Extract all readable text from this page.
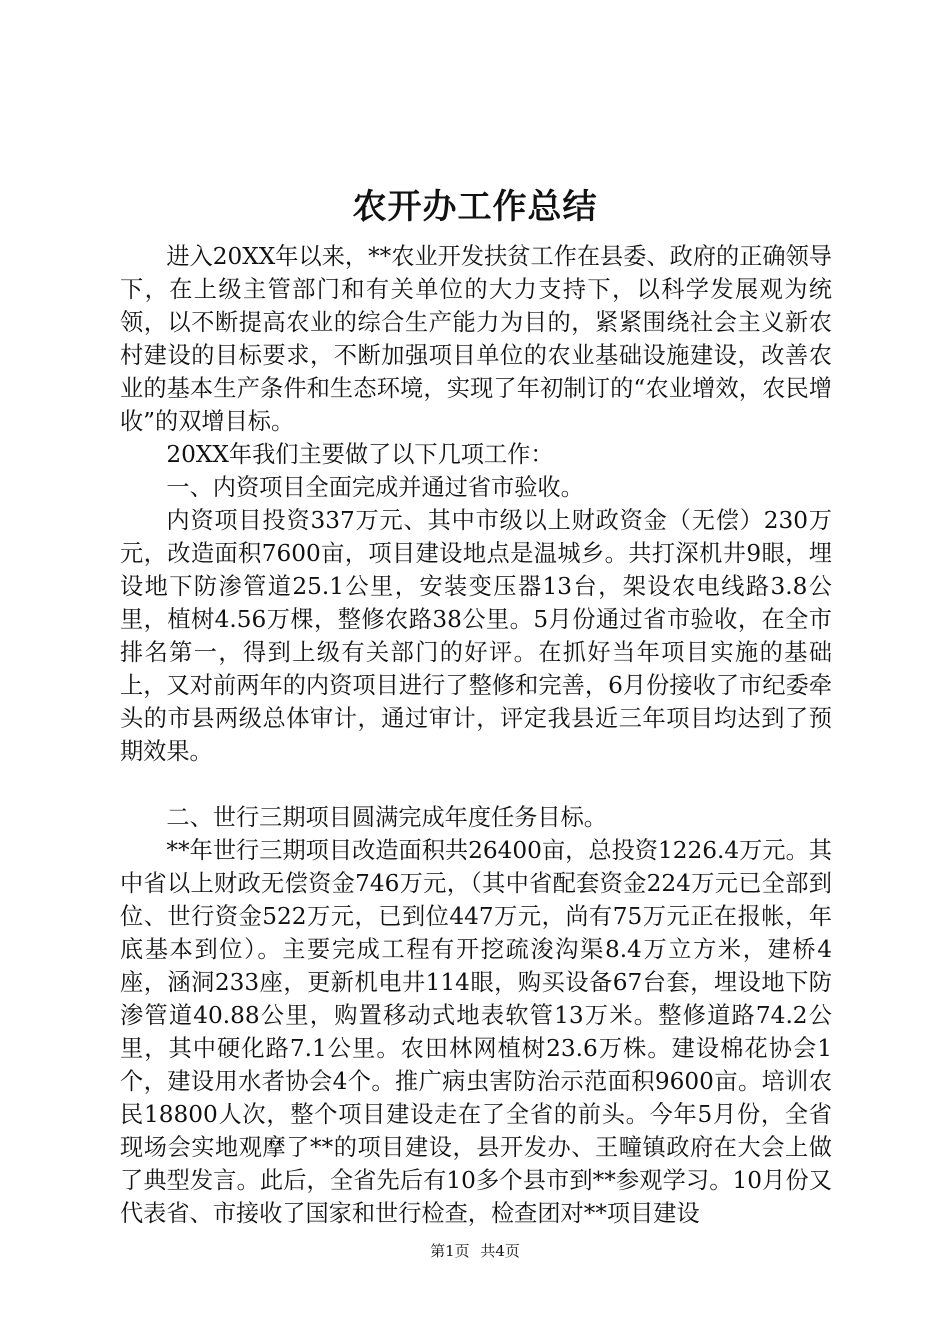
农开办工作总结

进入20XX年以来，**农业开发扶贫工作在县委、政府的正确领导下，在上级主管部门和有关单位的大力支持下，以科学发展观为统领，以不断提高农业的综合生产能力为目的，紧紧围绕社会主义新农村建设的目标要求，不断加强项目单位的农业基础设施建设，改善农业的基本生产条件和生态环境，实现了年初制订的“农业增效，农民增收”的双增目标。

20XX年我们主要做了以下几项工作：

一、内资项目全面完成并通过省市验收。

内资项目投资337万元、其中市级以上财政资金（无偿）230万元，改造面积7600亩，项目建设地点是温城乡。共打深机井9眼，埋设地下防渗管道25.1公里，安装变压器13台，架设农电线路3.8公里，植树4.56万棵，整修农路38公里。5月份通过省市验收，在全市排名第一，得到上级有关部门的好评。在抓好当年项目实施的基础上，又对前两年的内资项目进行了整修和完善，6月份接收了市纪委牵头的市县两级总体审计，通过审计，评定我县近三年项目均达到了预期效果。

二、世行三期项目圆满完成年度任务目标。

**年世行三期项目改造面积共26400亩，总投资1226.4万元。其中省以上财政无偿资金746万元，（其中省配套资金224万元已全部到位、世行资金522万元，已到位447万元，尚有75万元正在报帐，年底基本到位）。主要完成工程有开挖疏浚沟渠8.4万立方米，建桥4座，涵洞233座，更新机电井114眼，购买设备67台套，埋设地下防渗管道40.88公里，购置移动式地表软管13万米。整修道路74.2公里，其中硬化路7.1公里。农田林网植树23.6万株。建设棉花协会1个，建设用水者协会4个。推广病虫害防治示范面积9600亩。培训农民18800人次，整个项目建设走在了全省的前头。今年5月份，全省现场会实地观摩了**的项目建设，县开发办、王疃镇政府在大会上做了典型发言。此后，全省先后有10多个县市到**参观学习。10月份又代表省、市接收了国家和世行检查，检查团对**项目建设

第1页 共4页
